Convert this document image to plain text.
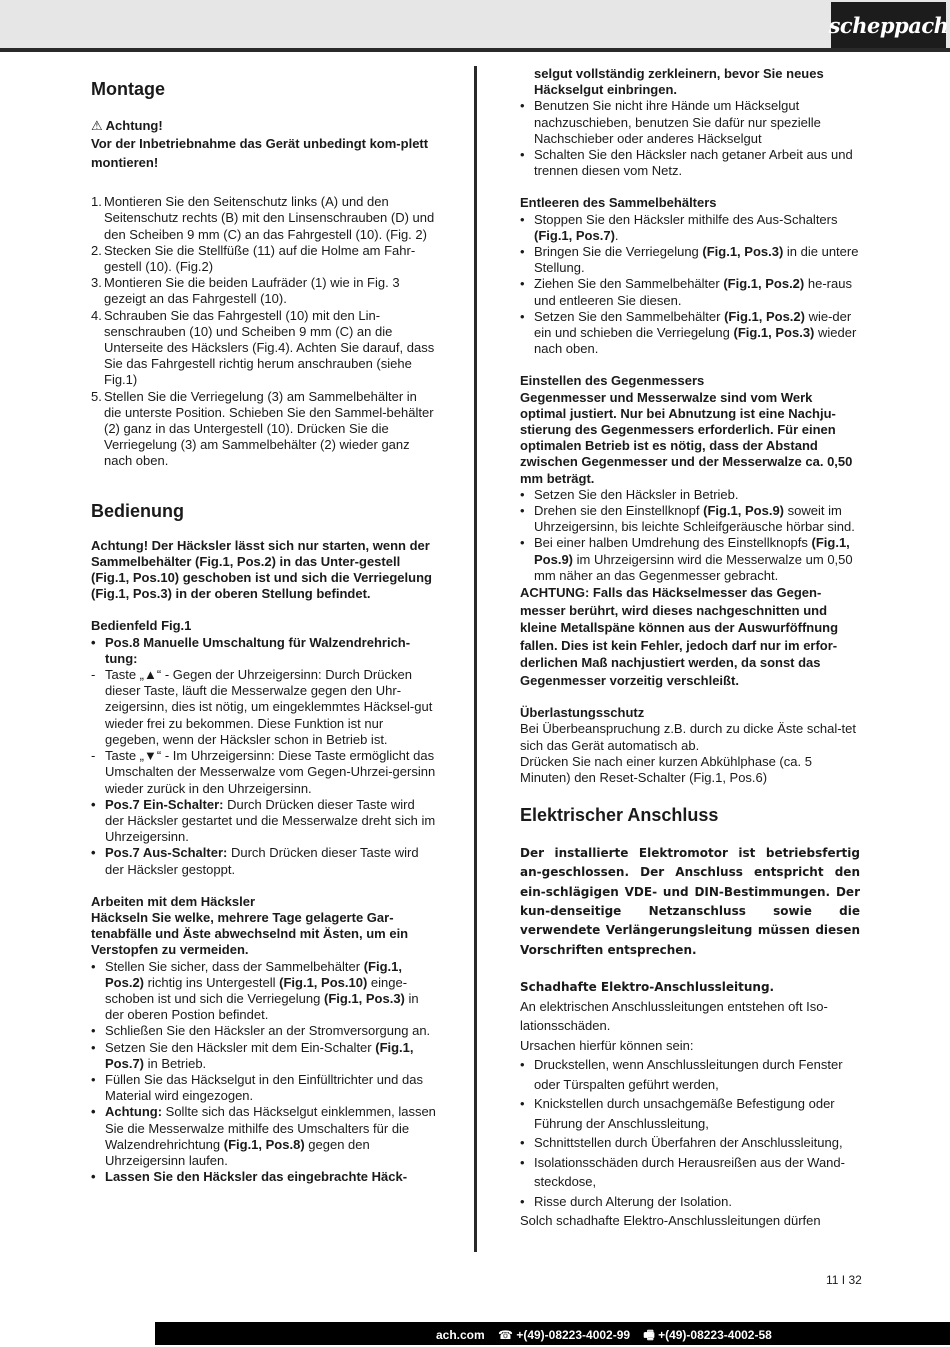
scheppach
Montage

⚠ Achtung!

Vor der Inbetriebnahme das Gerät unbedingt kom-plett montieren!

1. Montieren Sie den Seitenschutz links (A) und den Seitenschutz rechts (B) mit den Linsenschrauben (D) und den Scheiben 9 mm (C) an das Fahrgestell (10). (Fig. 2)
2. Stecken Sie die Stellfüße (11) auf die Holme am Fahr-gestell (10). (Fig.2)
3. Montieren Sie die beiden Laufräder (1) wie in Fig. 3 gezeigt an das Fahrgestell (10).
4. Schrauben Sie das Fahrgestell (10) mit den Lin-senschrauben (10) und Scheiben 9 mm (C) an die Unterseite des Häckslers (Fig.4). Achten Sie darauf, dass Sie das Fahrgestell richtig herum anschrauben (siehe Fig.1)
5. Stellen Sie die Verriegelung (3) am Sammelbehälter in die unterste Position. Schieben Sie den Sammel-behälter (2) ganz in das Untergestell (10). Drücken Sie die Verriegelung (3) am Sammelbehälter (2) wieder ganz nach oben.
Bedienung

Achtung! Der Häcksler lässt sich nur starten, wenn der Sammelbehälter (Fig.1, Pos.2) in das Unter-gestell (Fig.1, Pos.10) geschoben ist und sich die Verriegelung (Fig.1, Pos.3) in der oberen Stellung befindet.

Bedienfeld Fig.1

• Pos.8 Manuelle Umschaltung für Walzendrehrich-tung:
- Taste „▲“ - Gegen der Uhrzeigersinn: Durch Drücken dieser Taste, läuft die Messerwalze gegen den Uhr-zeigersinn, dies ist nötig, um eingeklemmtes Häcksel-gut wieder frei zu bekommen. Diese Funktion ist nur gegeben, wenn der Häcksler schon in Betrieb ist.
- Taste „▼“ - Im Uhrzeigersinn: Diese Taste ermöglicht das Umschalten der Messerwalze vom Gegen-Uhrzei-gersinn wieder zurück in den Uhrzeigersinn.
• Pos.7 Ein-Schalter: Durch Drücken dieser Taste wird der Häcksler gestartet und die Messerwalze dreht sich im Uhrzeigersinn.
• Pos.7 Aus-Schalter: Durch Drücken dieser Taste wird der Häcksler gestoppt.

Arbeiten mit dem Häcksler

Häckseln Sie welke, mehrere Tage gelagerte Gar-tenabfälle und Äste abwechselnd mit Ästen, um ein Verstopfen zu vermeiden.

• Stellen Sie sicher, dass der Sammelbehälter (Fig.1, Pos.2) richtig ins Untergestell (Fig.1, Pos.10) einge-schoben ist und sich die Verriegelung (Fig.1, Pos.3) in der oberen Postion befindet.
• Schließen Sie den Häcksler an der Stromversorgung an.
• Setzen Sie den Häcksler mit dem Ein-Schalter (Fig.1, Pos.7) in Betrieb.
• Füllen Sie das Häckselgut in den Einfülltrichter und das Material wird eingezogen.
• Achtung: Sollte sich das Häckselgut einklemmen, lassen Sie die Messerwalze mithilfe des Umschalters für die Walzendrehrichtung (Fig.1, Pos.8) gegen den Uhrzeigersinn laufen.
• Lassen Sie den Häcksler das eingebrachte Häck-

selgut vollständig zerkleinern, bevor Sie neues Häckselgut einbringen.

• Benutzen Sie nicht ihre Hände um Häckselgut nachzuschieben, benutzen Sie dafür nur spezielle Nachschieber oder anderes Häckselgut
• Schalten Sie den Häcksler nach getaner Arbeit aus und trennen diesen vom Netz.

Entleeren des Sammelbehälters

• Stoppen Sie den Häcksler mithilfe des Aus-Schalters (Fig.1, Pos.7).
• Bringen Sie die Verriegelung (Fig.1, Pos.3) in die untere Stellung.
• Ziehen Sie den Sammelbehälter (Fig.1, Pos.2) he-raus und entleeren Sie diesen.
• Setzen Sie den Sammelbehälter (Fig.1, Pos.2) wie-der ein und schieben die Verriegelung (Fig.1, Pos.3) wieder nach oben.

Einstellen des Gegenmessers

Gegenmesser und Messerwalze sind vom Werk optimal justiert. Nur bei Abnutzung ist eine Nachju-stierung des Gegenmessers erforderlich. Für einen optimalen Betrieb ist es nötig, dass der Abstand zwischen Gegenmesser und der Messerwalze ca. 0,50 mm beträgt.

• Setzen Sie den Häcksler in Betrieb.
• Drehen sie den Einstellknopf (Fig.1, Pos.9) soweit im Uhrzeigersinn, bis leichte Schleifgeräusche hörbar sind.
• Bei einer halben Umdrehung des Einstellknopfs (Fig.1, Pos.9) im Uhrzeigersinn wird die Messerwalze um 0,50 mm näher an das Gegenmesser gebracht.

ACHTUNG: Falls das Häckselmesser das Gegen-messer berührt, wird dieses nachgeschnitten und kleine Metallspäne können aus der Auswurföffnung fallen. Dies ist kein Fehler, jedoch darf nur im erfor-derlichen Maß nachjustiert werden, da sonst das Gegenmesser vorzeitig verschleißt.

Überlastungsschutz

Bei Überbeanspruchung z.B. durch zu dicke Äste schal-tet sich das Gerät automatisch ab.

Drücken Sie nach einer kurzen Abkühlphase (ca. 5 Minuten) den Reset-Schalter (Fig.1, Pos.6)

Elektrischer Anschluss

Der installierte Elektromotor ist betriebsfertig an-geschlossen. Der Anschluss entspricht den ein-schlägigen VDE- und DIN-Bestimmungen. Der kun-denseitige Netzanschluss sowie die verwendete Verlängerungsleitung müssen diesen Vorschriften entsprechen.

Schadhafte Elektro-Anschlussleitung.

An elektrischen Anschlussleitungen entstehen oft Iso-lationsschäden.

Ursachen hierfür können sein:

• Druckstellen, wenn Anschlussleitungen durch Fenster oder Türspalten geführt werden,
• Knickstellen durch unsachgemäße Befestigung oder Führung der Anschlussleitung,
• Schnittstellen durch Überfahren der Anschlussleitung,
• Isolationsschäden durch Herausreißen aus der Wand-steckdose,
• Risse durch Alterung der Isolation.

Solch schadhafte Elektro-Anschlussleitungen dürfen

11 I 32
ach.com ☎ +(49)-08223-4002-99 🖷 +(49)-08223-4002-58
